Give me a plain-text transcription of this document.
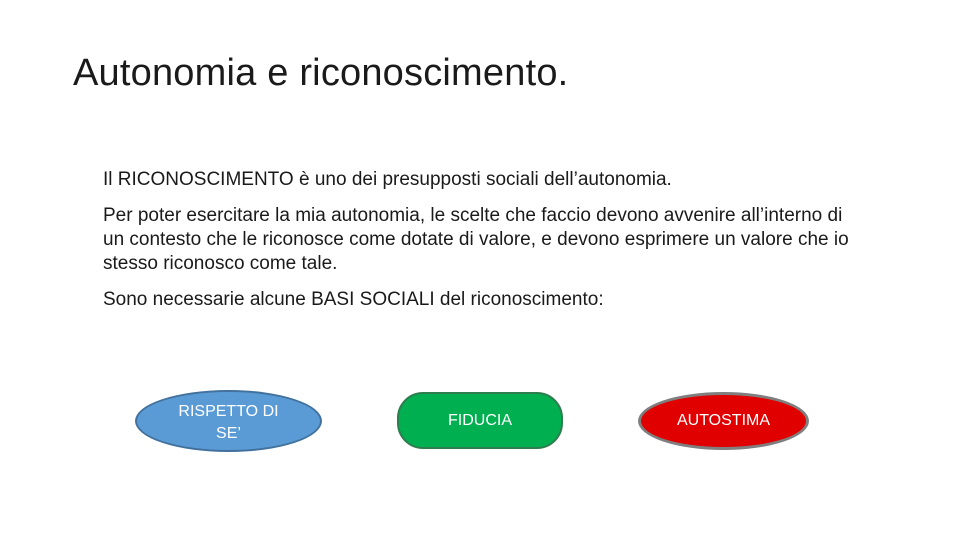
Autonomia e riconoscimento.

Il RICONOSCIMENTO è uno dei presupposti sociali dell’autonomia.

Per poter esercitare la mia autonomia, le scelte che faccio devono avvenire all’interno di un contesto che le riconosce come dotate di valore, e devono esprimere un valore che io stesso riconosco come tale.

Sono necessarie alcune BASI SOCIALI del riconoscimento:

RISPETTO DI SE’
FIDUCIA	AUTOSTIMA
